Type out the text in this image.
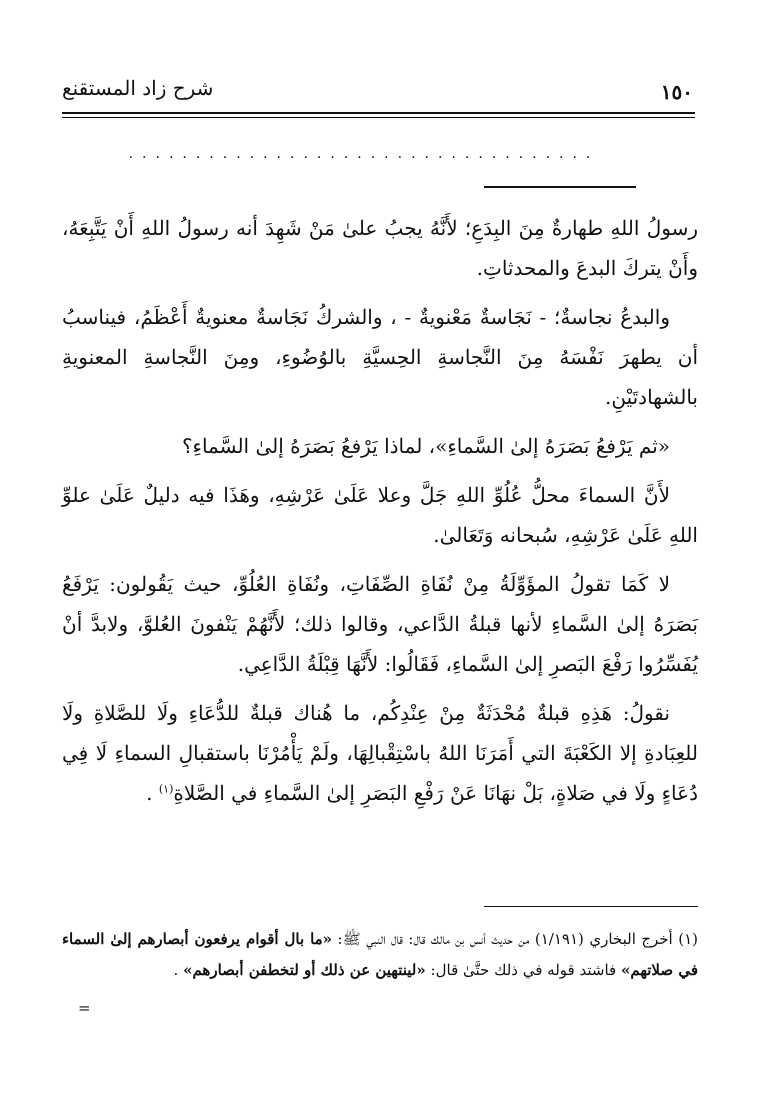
شرح زاد المستقنع	١٥٠
...................................

رسولُ اللهِ طهارةٌ مِنَ البِدَعِ؛ لأَنَّهُ يجبُ علىٰ مَنْ شَهِدَ أنه رسولُ اللهِ أَنْ يَتَّبِعَهُ، وأَنْ يتركَ البدعَ والمحدثاتِ.

والبدعُ نجاسةٌ؛ - نَجَاسةٌ مَعْنويةٌ - ، والشركُ نَجَاسةٌ معنويةٌ أَعْظَمُ، فيناسبُ أن يطهرَ نَفْسَهُ مِنَ النَّجاسةِ الحِسيَّةِ بالوُضُوءِ، ومِنَ النَّجاسةِ المعنويةِ بالشهادتَيْنِ.

«ثم يَرْفعُ بَصَرَهُ إلىٰ السَّماءِ»، لماذا يَرْفعُ بَصَرَهُ إلىٰ السَّماءِ؟

لأَنَّ السماءَ محلُّ عُلُوِّ اللهِ جَلَّ وعلا عَلَىٰ عَرْشِهِ، وهَذَا فيه دليلٌ عَلَىٰ علوِّ اللهِ عَلَىٰ عَرْشِهِ، سُبحانه وَتَعَالىٰ.

لا كَمَا تقولُ المؤَوِّلَةُ مِنْ نُفَاةِ الصِّفَاتِ، ونُفَاةِ العُلُوِّ، حيث يَقُولون: يَرْفَعُ بَصَرَهُ إلىٰ السَّماءِ لأنها قبلةُ الدَّاعي، وقالوا ذلك؛ لأَنَّهُمْ يَنْفونَ العُلوَّ، ولابدَّ أنْ يُفَسِّرُوا رَفْعَ البَصرِ إلىٰ السَّماءِ، فَقَالُوا: لأَنَّهَا قِبْلَةُ الدَّاعِي.

نقولُ: هَذِهِ قبلةٌ مُحْدَثَةٌ مِنْ عِنْدِكُم، ما هُناك قبلةٌ للدُّعَاءِ ولَا للصَّلاةِ ولَا للعِبَادةِ إلا الكَعْبَةَ التي أَمَرَنَا اللهُ باسْتِقْبالِهَا، ولَمْ يَأْمُرْنَا باستقبالِ السماءِ لَا فِي دُعَاءٍ ولَا في صَلاةٍ، بَلْ نهَانَا عَنْ رَفْعِ البَصَرِ إلىٰ السَّماءِ في الصَّلاةِ$^{(١)}$ .

(١) أخرج البخاري (١/١٩١) من حديث أنس بن مالك قال: قال النبي ﷺ: «ما بال أقوام يرفعون أبصارهم إلىٰ السماء في صلاتهم» فاشتد قوله في ذلك حتَّىٰ قال: «لينتهين عن ذلك أو لتخطفن أبصارهم» .
=
